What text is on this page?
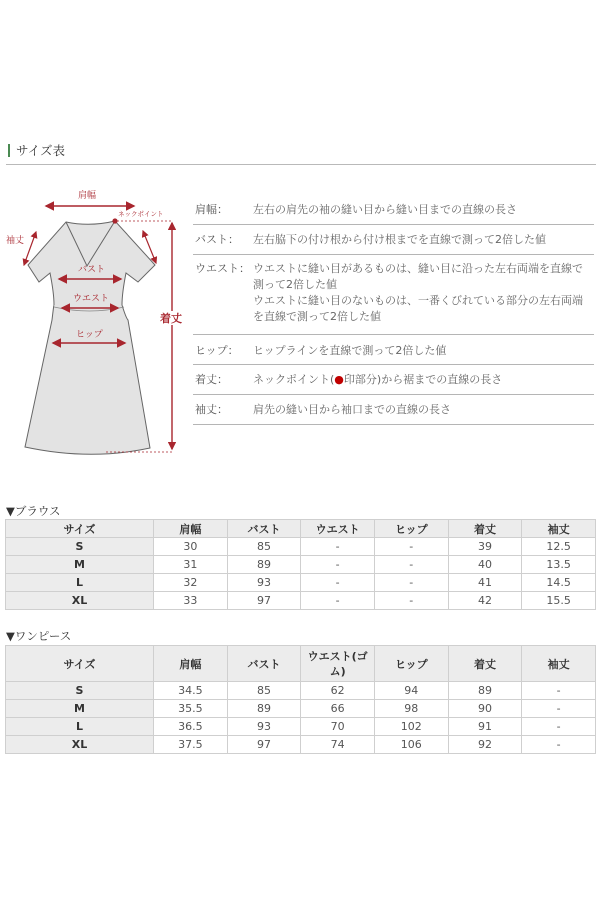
サイズ表
肩幅
ネックポイント
袖丈
バスト
ウエスト
ヒップ
着丈
肩幅：	左右の肩先の袖の縫い目から縫い目までの直線の長さ
バスト：	左右脇下の付け根から付け根までを直線で測って2倍した値
ウエスト： ウエストに縫い目があるものは、縫い目に沿った左右両端を直線で
測って2倍した値
ウエストに縫い目のないものは、一番くびれている部分の左右両端
を直線で測って2倍した値
ヒップ：	ヒップラインを直線で測って2倍した値
着丈：	ネックポイント(●印部分)から裾までの直線の長さ
袖丈：	肩先の縫い目から袖口までの直線の長さ
▼ブラウス
サイズ	肩幅	バスト	ウエスト	ヒップ	着丈	袖丈
S	30	85	-	-	39	12.5
M	31	89	-	-	40	13.5
L	32	93	-	-	41	14.5
XL	33	97	-	-	42	15.5
▼ワンピース
サイズ	肩幅	バスト	ウエスト(ゴム)	ヒップ	着丈	袖丈
S	34.5	85	62	94	89	-
M	35.5	89	66	98	90	-
L	36.5	93	70	102	91	-
XL	37.5	97	74	106	92	-
